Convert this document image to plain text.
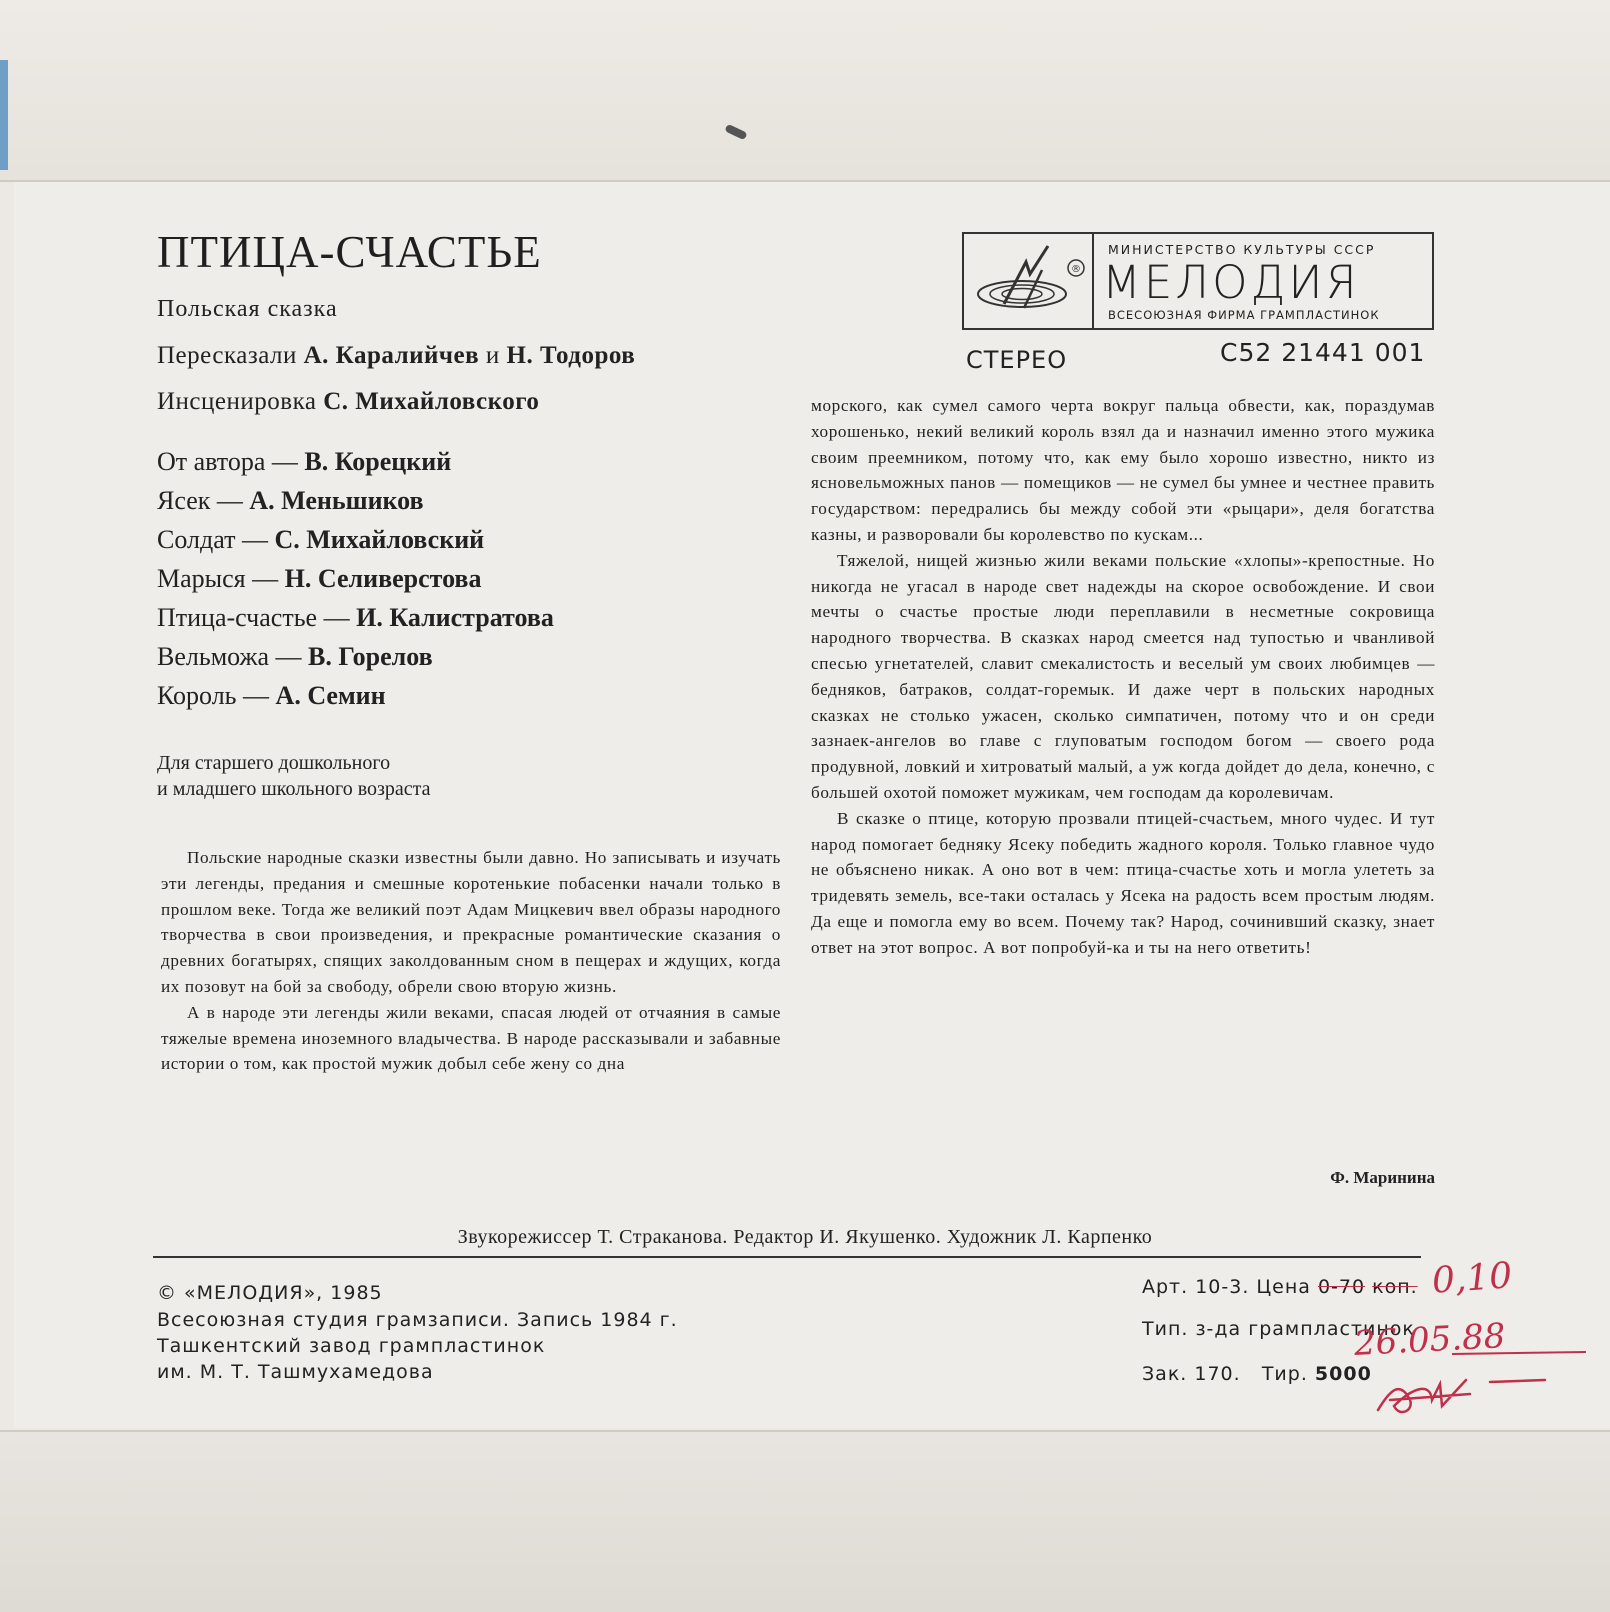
ПТИЦА-СЧАСТЬЕ
Польская сказка
Пересказали А. Каралийчев и Н. Тодоров
Инсценировка С. Михайловского
От автора — В. Корецкий
Ясек — А. Меньшиков
Солдат — С. Михайловский
Марыся — Н. Селиверстова
Птица-счастье — И. Калистратова
Вельможа — В. Горелов
Король — А. Семин
Для старшего дошкольного
и младшего школьного возраста

Польские народные сказки известны были давно. Но записывать и изучать эти легенды, предания и смешные коротенькие побасенки начали только в прошлом веке. Тогда же великий поэт Адам Мицкевич ввел образы народного творчества в свои произведения, и прекрасные романтические сказания о древних богатырях, спящих заколдованным сном в пещерах и ждущих, когда их позовут на бой за свободу, обрели свою вторую жизнь.

А в народе эти легенды жили веками, спасая людей от отчаяния в самые тяжелые времена иноземного владычества. В народе рассказывали и забавные истории о том, как простой мужик добыл себе жену со дна

®
МИНИСТЕРСТВО КУЛЬТУРЫ СССР
МЕЛОДИЯ
ВСЕСОЮЗНАЯ ФИРМА ГРАМПЛАСТИНОК
СТЕРЕО	С52 21441 001

морского, как сумел самого черта вокруг пальца обвести, как, пораздумав хорошенько, некий великий король взял да и назначил именно этого мужика своим преемником, потому что, как ему было хорошо известно, никто из ясновельможных панов — помещиков — не сумел бы умнее и честнее править государством: передрались бы между собой эти «рыцари», деля богатства казны, и разворовали бы королевство по кускам...

Тяжелой, нищей жизнью жили веками польские «хлопы»-крепостные. Но никогда не угасал в народе свет надежды на скорое освобождение. И свои мечты о счастье простые люди переплавили в несметные сокровища народного творчества. В сказках народ смеется над тупостью и чванливой спесью угнетателей, славит смекалистость и веселый ум своих любимцев — бедняков, батраков, солдат-горемык. И даже черт в польских народных сказках не столько ужасен, сколько симпатичен, потому что и он среди зазнаек-ангелов во главе с глуповатым господом богом — своего рода продувной, ловкий и хитроватый малый, а уж когда дойдет до дела, конечно, с большей охотой поможет мужикам, чем господам да королевичам.

В сказке о птице, которую прозвали птицей-счастьем, много чудес. И тут народ помогает бедняку Ясеку победить жадного короля. Только главное чудо не объяснено никак. А оно вот в чем: птица-счастье хоть и могла улететь за тридевять земель, все-таки осталась у Ясека на радость всем простым людям. Да еще и помогла ему во всем. Почему так? Народ, сочинивший сказку, знает ответ на этот вопрос. А вот попробуй-ка и ты на него ответить!

Ф. Маринина
Звукорежиссер Т. Стракановa. Редактор И. Якушенко. Художник Л. Карпенко
© «МЕЛОДИЯ», 1985
Всесоюзная студия грамзаписи. Запись 1984 г.
Ташкентский завод грампластинок
им. М. Т. Ташмухамедова
Арт. 10-3. Цена 0-70 коп.
Тип. з-да грампластинок
Зак. 170. Тир. 5000
0,10
26.05.88
